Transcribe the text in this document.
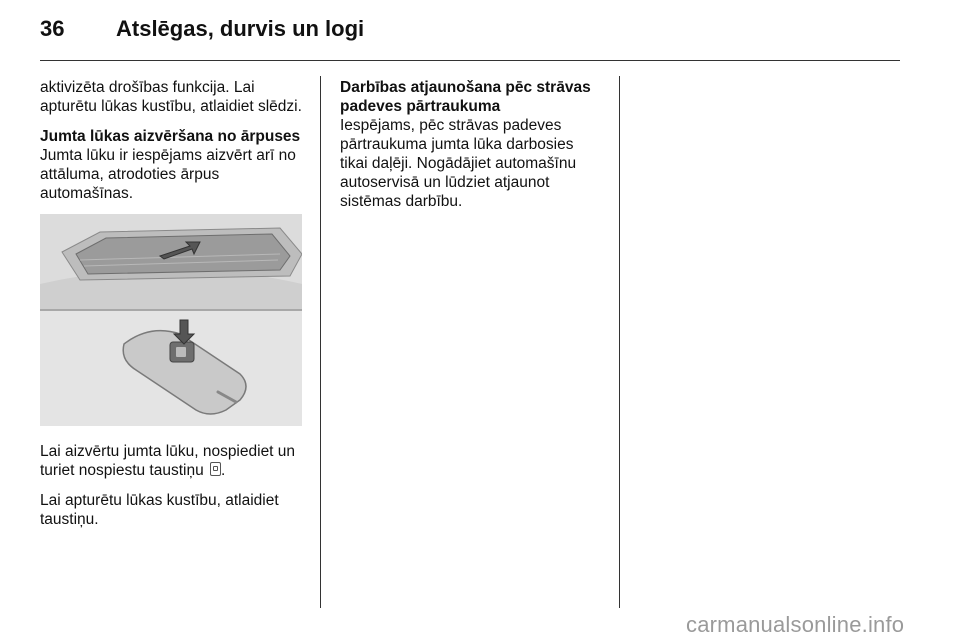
36 Atslēgas, durvis un logi

aktivizēta drošības funkcija. Lai apturētu lūkas kustību, atlaidiet slēdzi.

Jumta lūkas aizvēršana no ārpuses

Jumta lūku ir iespējams aizvērt arī no attāluma, atrodoties ārpus automašīnas.

Lai aizvērtu jumta lūku, nospiediet un turiet nospiestu taustiņu .

Lai apturētu lūkas kustību, atlaidiet taustiņu.

Darbības atjaunošana pēc strāvas padeves pārtraukuma

Iespējams, pēc strāvas padeves pārtraukuma jumta lūka darbosies tikai daļēji. Nogādājiet automašīnu autoservisā un lūdziet atjaunot sistēmas darbību.

carmanualsonline.info
